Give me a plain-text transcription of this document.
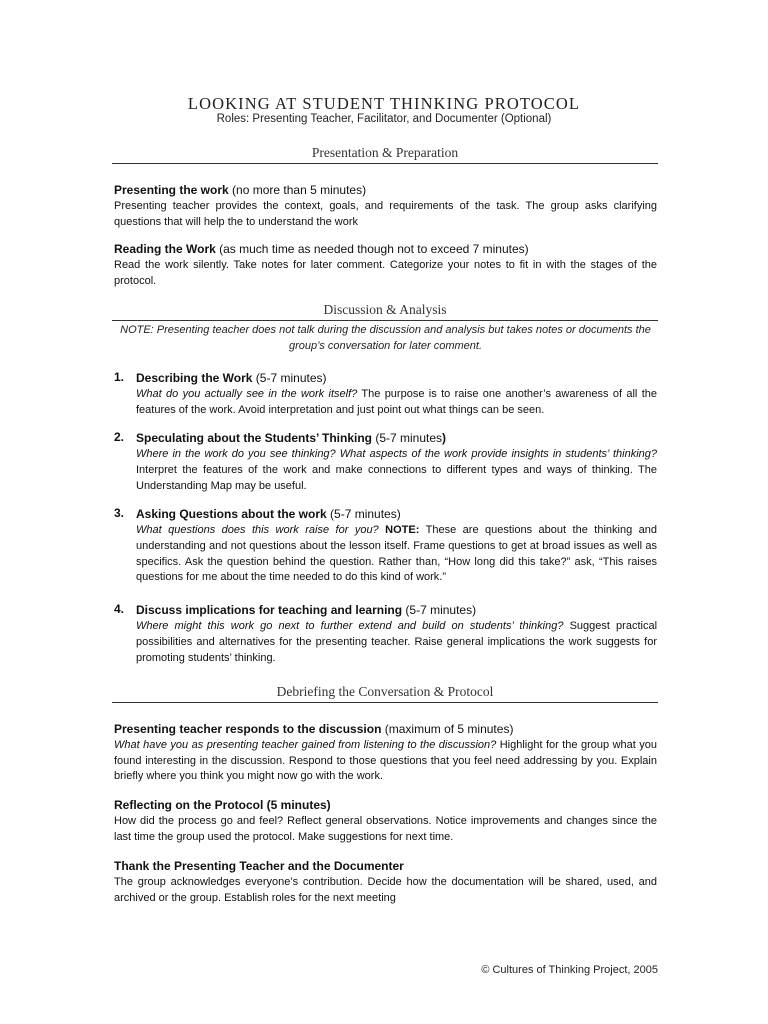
LOOKING AT STUDENT THINKING PROTOCOL
Roles: Presenting Teacher, Facilitator, and Documenter (Optional)
Presentation & Preparation
Presenting the work (no more than 5 minutes)
Presenting teacher provides the context, goals, and requirements of the task. The group asks clarifying questions that will help the to understand the work
Reading the Work (as much time as needed though not to exceed 7 minutes)
Read the work silently. Take notes for later comment. Categorize your notes to fit in with the stages of the protocol.
Discussion & Analysis
NOTE: Presenting teacher does not talk during the discussion and analysis but takes notes or documents the group’s conversation for later comment.
1. Describing the Work (5-7 minutes)
What do you actually see in the work itself? The purpose is to raise one another’s awareness of all the features of the work. Avoid interpretation and just point out what things can be seen.
2. Speculating about the Students’ Thinking (5-7 minutes)
Where in the work do you see thinking? What aspects of the work provide insights in students’ thinking? Interpret the features of the work and make connections to different types and ways of thinking. The Understanding Map may be useful.
3. Asking Questions about the work (5-7 minutes)
What questions does this work raise for you? NOTE: These are questions about the thinking and understanding and not questions about the lesson itself. Frame questions to get at broad issues as well as specifics. Ask the question behind the question. Rather than, “How long did this take?” ask, “This raises questions for me about the time needed to do this kind of work.”
4. Discuss implications for teaching and learning (5-7 minutes)
Where might this work go next to further extend and build on students’ thinking? Suggest practical possibilities and alternatives for the presenting teacher. Raise general implications the work suggests for promoting students’ thinking.
Debriefing the Conversation & Protocol
Presenting teacher responds to the discussion (maximum of 5 minutes)
What have you as presenting teacher gained from listening to the discussion? Highlight for the group what you found interesting in the discussion. Respond to those questions that you feel need addressing by you. Explain briefly where you think you might now go with the work.
Reflecting on the Protocol (5 minutes)
How did the process go and feel? Reflect general observations. Notice improvements and changes since the last time the group used the protocol. Make suggestions for next time.
Thank the Presenting Teacher and the Documenter
The group acknowledges everyone’s contribution. Decide how the documentation will be shared, used, and archived or the group. Establish roles for the next meeting
© Cultures of Thinking Project, 2005
